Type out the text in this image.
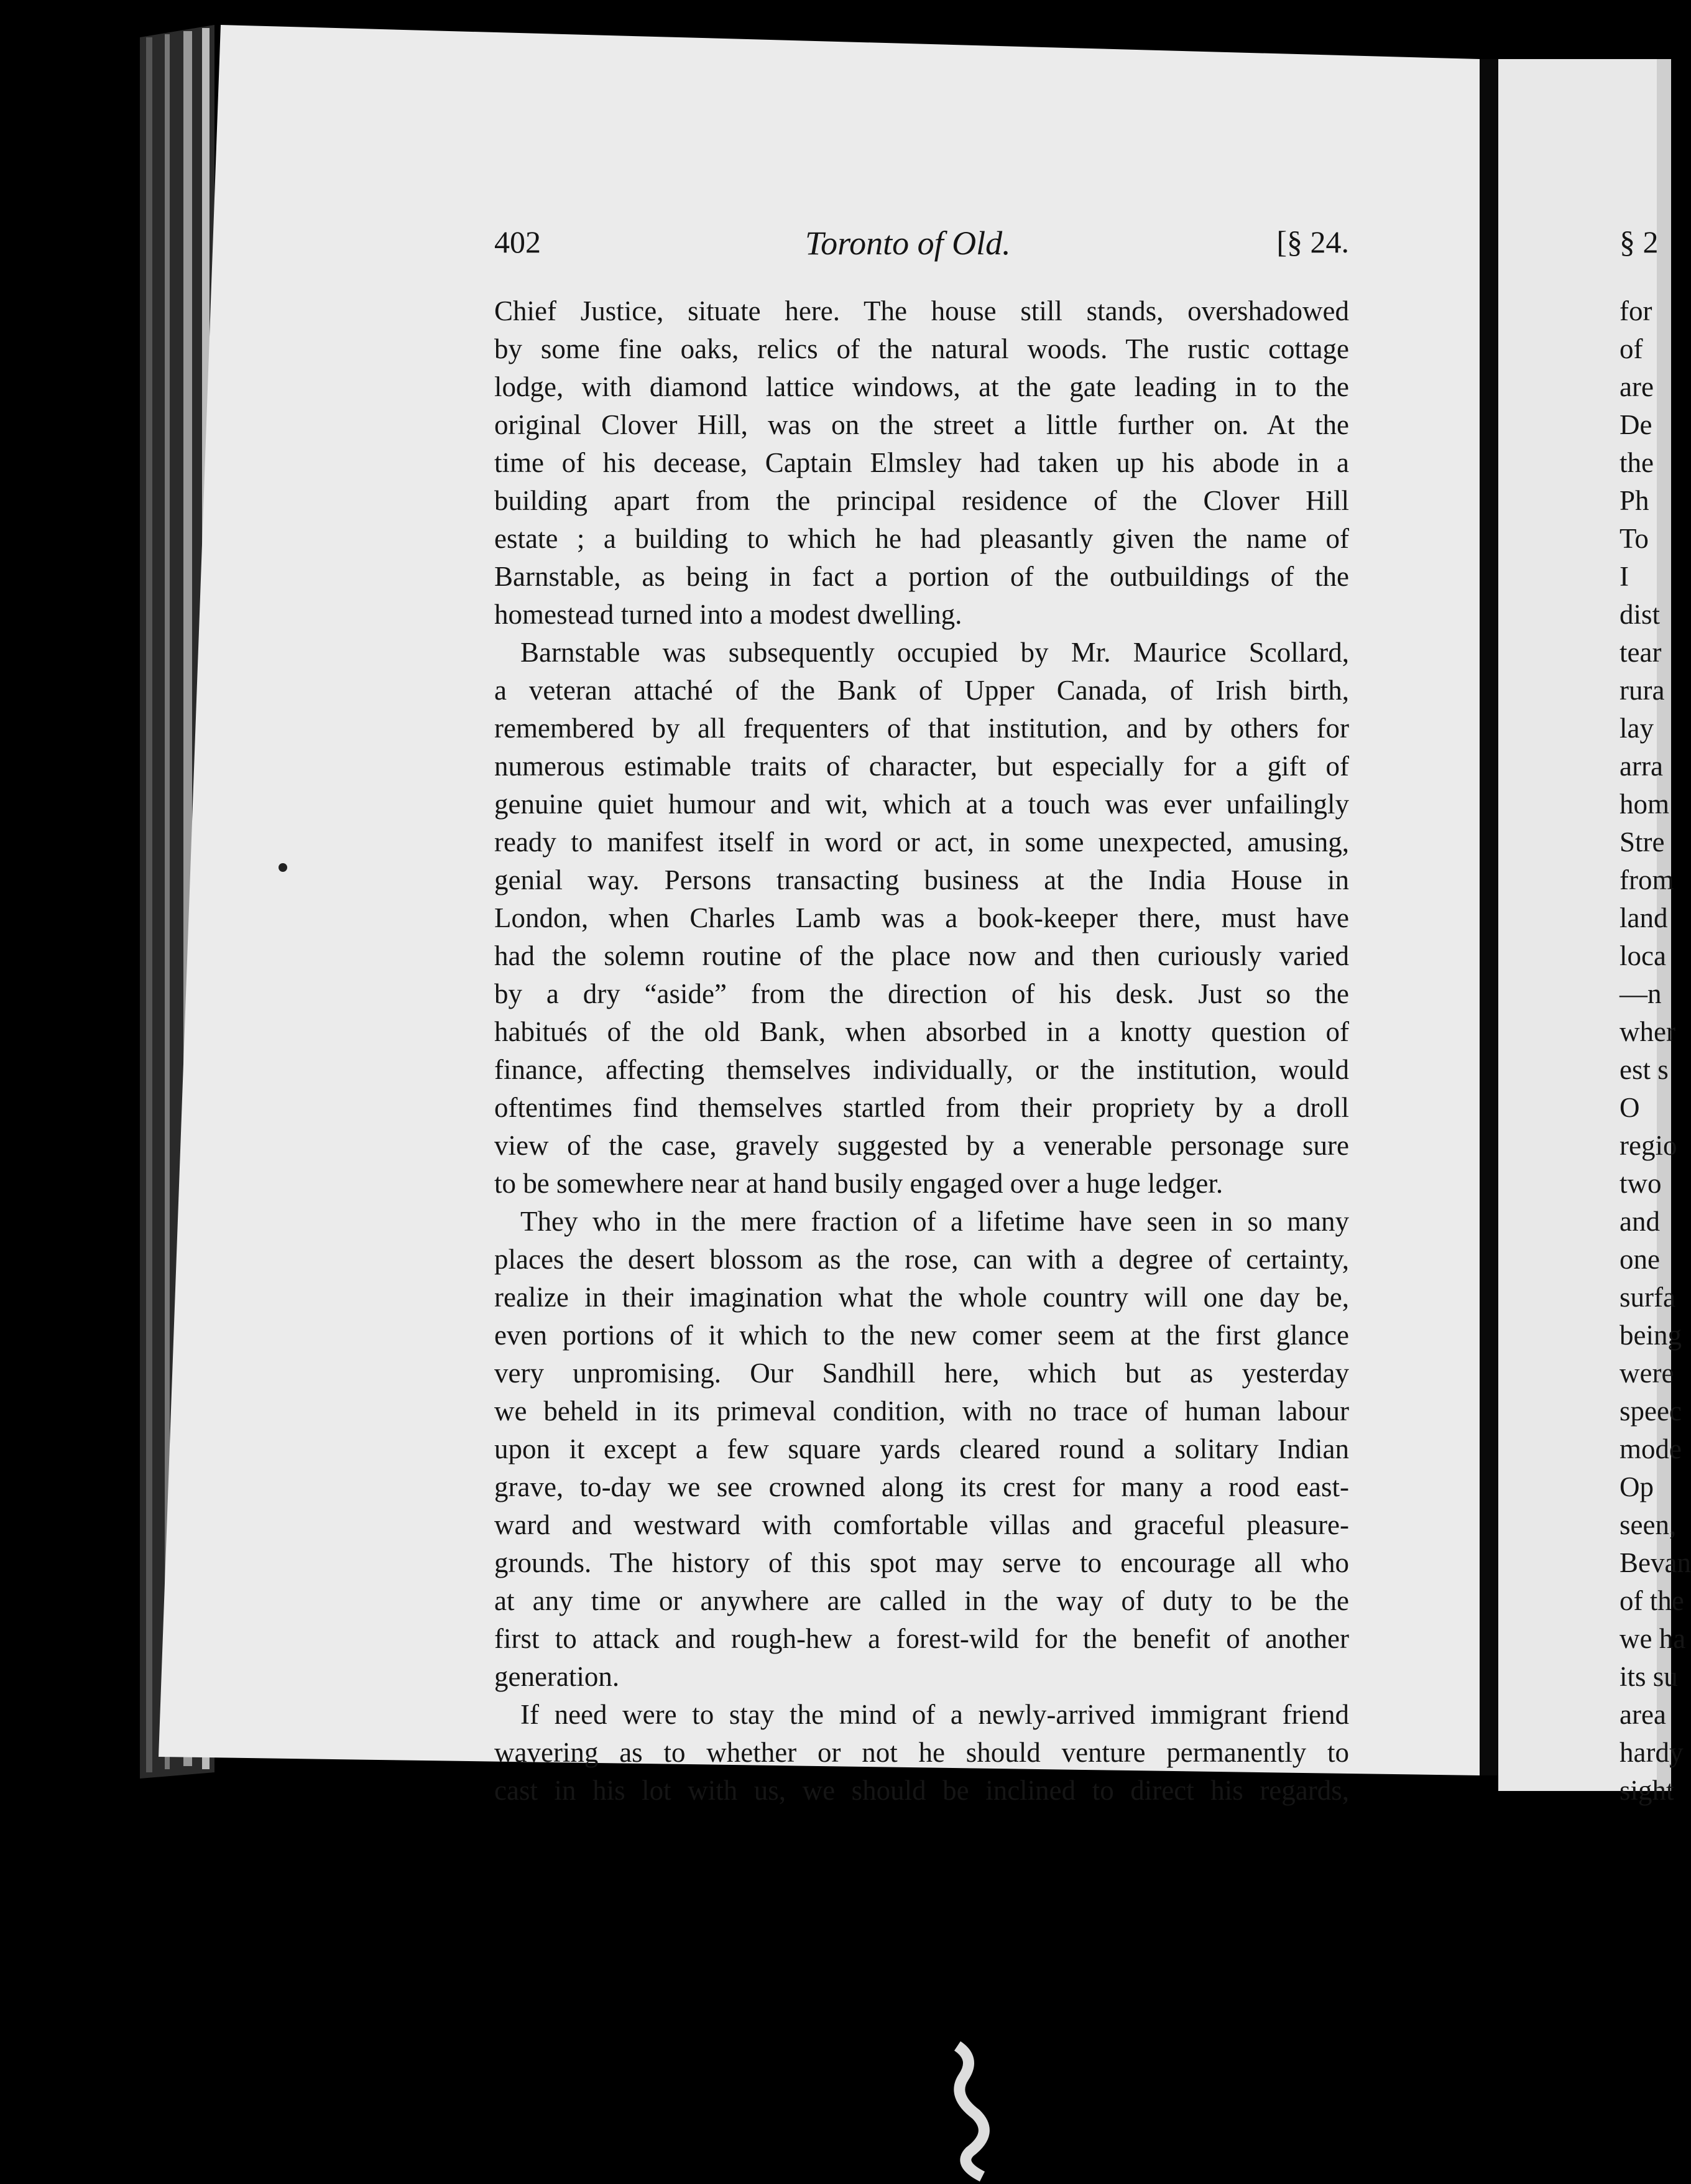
402	Toronto of Old.	[§ 24.
Chief Justice, situate here. The house still stands, overshadowed
by some fine oaks, relics of the natural woods. The rustic cottage
lodge, with diamond lattice windows, at the gate leading in to the
original Clover Hill, was on the street a little further on. At the
time of his decease, Captain Elmsley had taken up his abode in a
building apart from the principal residence of the Clover Hill
estate ; a building to which he had pleasantly given the name of
Barnstable, as being in fact a portion of the outbuildings of the
homestead turned into a modest dwelling.
Barnstable was subsequently occupied by Mr. Maurice Scollard,
a veteran attaché of the Bank of Upper Canada, of Irish birth,
remembered by all frequenters of that institution, and by others for
numerous estimable traits of character, but especially for a gift of
genuine quiet humour and wit, which at a touch was ever unfailingly
ready to manifest itself in word or act, in some unexpected, amusing,
genial way. Persons transacting business at the India House in
London, when Charles Lamb was a book-keeper there, must have
had the solemn routine of the place now and then curiously varied
by a dry “aside” from the direction of his desk. Just so the
habitués of the old Bank, when absorbed in a knotty question of
finance, affecting themselves individually, or the institution, would
oftentimes find themselves startled from their propriety by a droll
view of the case, gravely suggested by a venerable personage sure
to be somewhere near at hand busily engaged over a huge ledger.
They who in the mere fraction of a lifetime have seen in so many
places the desert blossom as the rose, can with a degree of certainty,
realize in their imagination what the whole country will one day be,
even portions of it which to the new comer seem at the first glance
very unpromising. Our Sandhill here, which but as yesterday
we beheld in its primeval condition, with no trace of human labour
upon it except a few square yards cleared round a solitary Indian
grave, to-day we see crowned along its crest for many a rood east-
ward and westward with comfortable villas and graceful pleasure-
grounds. The history of this spot may serve to encourage all who
at any time or anywhere are called in the way of duty to be the
first to attack and rough-hew a forest-wild for the benefit of another
generation.
If need were to stay the mind of a newly-arrived immigrant friend
wavering as to whether or not he should venture permanently to
cast in his lot with us, we should be inclined to direct his regards,
§ 2
for
of
are
De
the
Ph
To
I
dist
tear
rura
lay
arra
hom
Stre
from
land
loca
—n
wher
est s
O
regio
two
and
one
surfa
being
were
speec
mode
Op
seen,
Bevan
of the
we ha
its su
area
hardy
sight
